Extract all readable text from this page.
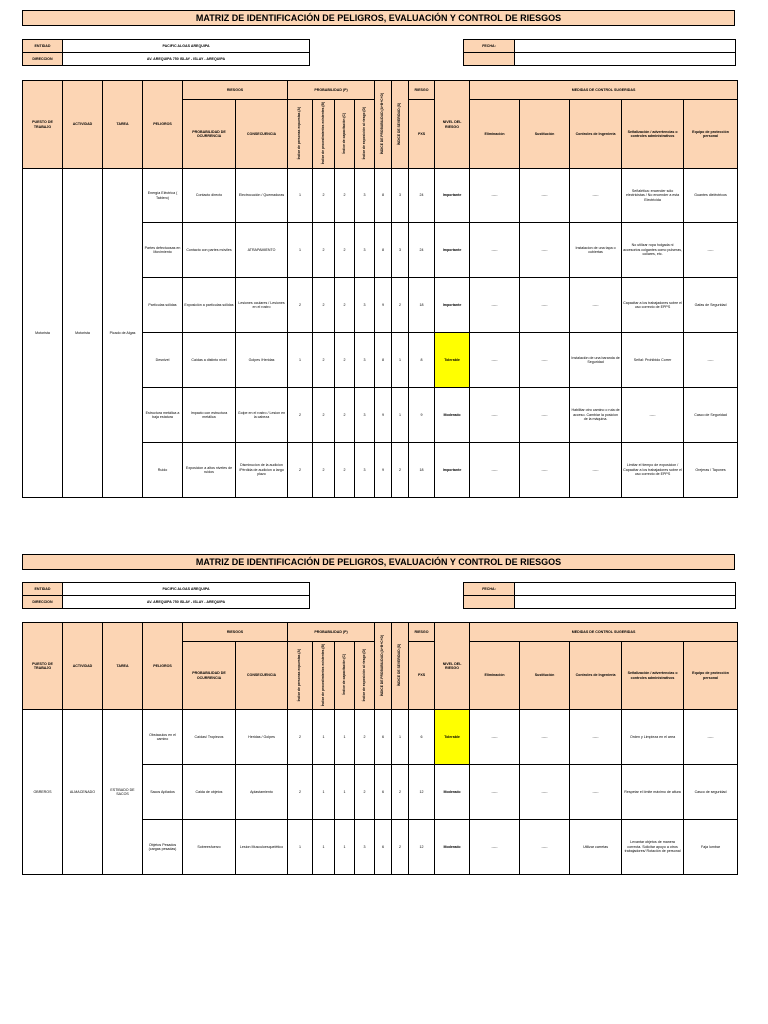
MATRIZ DE IDENTIFICACIÓN DE PELIGROS, EVALUACIÓN Y CONTROL DE RIESGOS
ENTIDAD	PACIFIC ALGAS AREQUIPA
DIRECCION	AV. AREQUIPA 750 ISLAY - ISLAY - AREQUIPA
FECHA:	

PUESTO DE TRABAJO	ACTIVIDAD	TAREA	PELIGROS	RIESGOS		PROBABILIDAD (P)				ÍNDICE DE PROBABILIDAD (A+B+C+D)	ÍNDICE DE SEVERIDAD (S)	RIESGO	NIVEL DEL RIESGO	MEDIDAS DE CONTROL SUGERIDAS				
				PROBABILIDAD DE OCURRENCIA	CONSECUENCIA	Índice de personas expuestas (A)	Índice de procedimientos existentes (B)	Índice de capacitación (C)	Índice de exposición al riesgo (D)			PXS		Eliminación	Sustitución	Controles de Ingeniería	Señalización / advertencias o controles administrativos	Equipo de protección personal
Motorista	Motorista	Picado de Algas	Energía Eléctrica ( Tablero)	Contacto directo	Electrocución / Quemaduras	1	2	2	3	8	3	24	Importante	-----	-----	-----	Señalética: encender sólo electricistas / No encender a esta Electricida	Guantes dieléctricos
			Partes defectuosas en Movimiento	Contacto con partes móviles	ATRAPAMIENTO	1	2	2	3	8	3	24	Importante	-----	-----	Instalacion de una tapa o cubiertas	No utilizar ropa holgada ni accesorios colgantes como pulseras, collares, etc.	-----
			Partículas sólidas	Exposición a partículas sólidas	Lesiones oculares / Lesiones en el rostro	2	2	2	3	9	2	18	Importante	-----	-----	-----	Capacitar a los trabajadores sobre el uso correcto de EPPS	Gafas de Seguridad
			Desnivel	Caídas a distinto nivel	Golpes /Heridas	1	2	2	3	8	1	8	Tolerable	-----	-----	Instalación de una baranda de Seguridad	Señal: Prohibido Correr	-----
			Estructura metálica a baja estatura	Impacto con estructura metálica	Golpe en el rostro / Lesion en la cabeza	2	2	2	3	9	1	9	Moderado	-----	-----	Habilitar otro camino o ruta de acceso. Cambiar la posicion de la máquina.	-----	Casco de Seguridad
			Ruido	Exposicion a altos niveles de ruidos	Disminucion de la audicion /Pérdida de audicion a largo plazo	2	2	2	3	9	2	18	Importante	-----	-----	-----	Limitar el tiempo de exposicion / Capacitar a los trabajadores sobre el uso correcto de EPPS	Orejeras / Tapones
MATRIZ DE IDENTIFICACIÓN DE PELIGROS, EVALUACIÓN Y CONTROL DE RIESGOS
ENTIDAD	PACIFIC ALGAS AREQUIPA
DIRECCION	AV. AREQUIPA 750 ISLAY - ISLAY - AREQUIPA
FECHA:	

PUESTO DE TRABAJO	ACTIVIDAD	TAREA	PELIGROS	RIESGOS		PROBABILIDAD (P)				ÍNDICE DE PROBABILIDAD (A+B+C+D)	ÍNDICE DE SEVERIDAD (S)	RIESGO	NIVEL DEL RIESGO	MEDIDAS DE CONTROL SUGERIDAS				
				PROBABILIDAD DE OCURRENCIA	CONSECUENCIA	Índice de personas expuestas (A)	Índice de procedimientos existentes (B)	Índice de capacitación (C)	Índice de exposición al riesgo (D)			PXS		Eliminación	Sustitución	Controles de Ingeniería	Señalización / advertencias o controles administrativos	Equipo de protección personal
OBREROS	ALMACENADO	ESTIBADO DE SACOS	Obstaculos en el camino	Caídas/ Tropiezos	Heridas / Golpes	2	1	1	2	6	1	6	Tolerable	-----	-----	-----	Orden y Limpieza en el area	-----
			Sacos Apilados	Caida de objetos	Aplastamiento	2	1	1	2	6	2	12	Moderado	-----	-----	-----	Respetar el límite máximo de altura	Casco de seguridad
			Objetos Pesados (cargas pesadas)	Sobreesfuerzo	Lesion Musculoesquelético	1	1	1	3	6	2	12	Moderado	-----	-----	Utilizar carretas	Levantar objetos de manera correcta. Solicitar apoyo a otros trabajadores/ Rotación de personal	Faja lumbar
